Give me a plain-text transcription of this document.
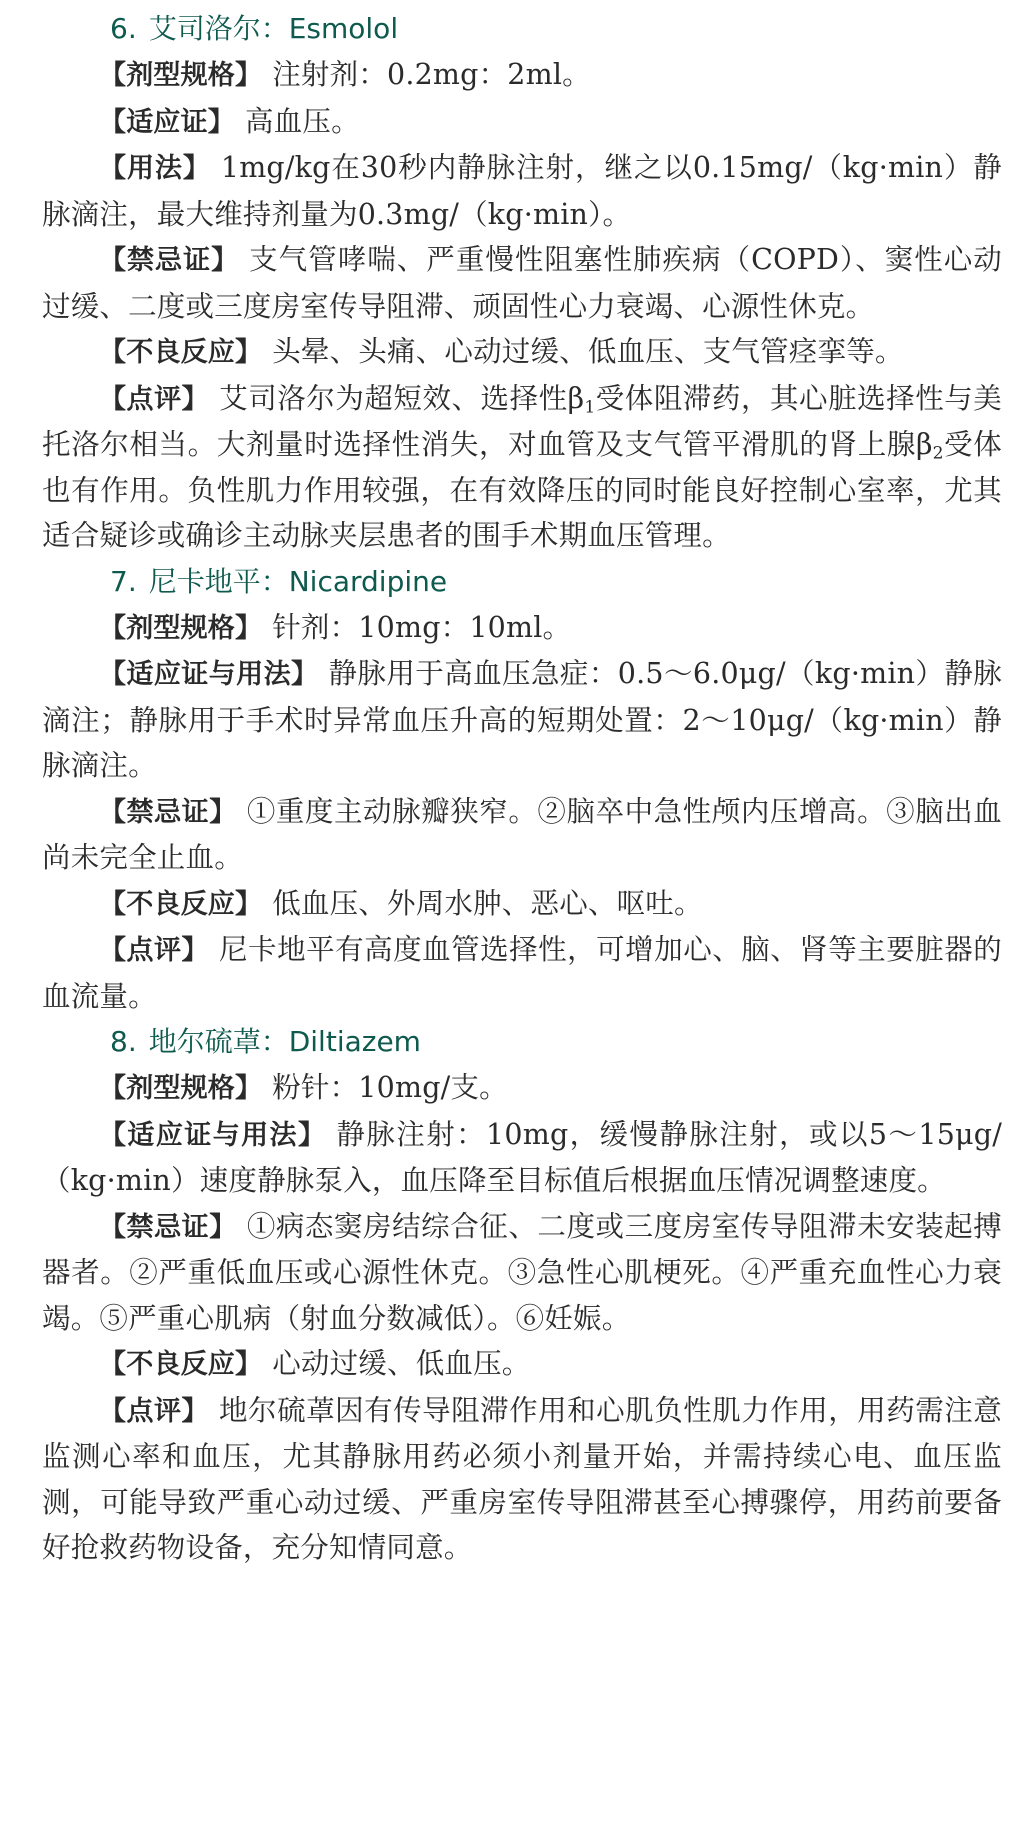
6. 艾司洛尔：Esmolol

【剂型规格】 注射剂：0.2mg：2ml。

【适应证】 高血压。

【用法】 1mg/kg在30秒内静脉注射，继之以0.15mg/（kg·min）静脉滴注，最大维持剂量为0.3mg/（kg·min）。

【禁忌证】 支气管哮喘、严重慢性阻塞性肺疾病（COPD）、窦性心动过缓、二度或三度房室传导阻滞、顽固性心力衰竭、心源性休克。

【不良反应】 头晕、头痛、心动过缓、低血压、支气管痉挛等。

【点评】 艾司洛尔为超短效、选择性$\beta_1$受体阻滞药，其心脏选择性与美托洛尔相当。大剂量时选择性消失，对血管及支气管平滑肌的肾上腺$\beta_2$受体也有作用。负性肌力作用较强，在有效降压的同时能良好控制心室率，尤其适合疑诊或确诊主动脉夹层患者的围手术期血压管理。

7. 尼卡地平：Nicardipine

【剂型规格】 针剂：10mg：10ml。

【适应证与用法】 静脉用于高血压急症：0.5～6.0μg/（kg·min）静脉滴注；静脉用于手术时异常血压升高的短期处置：2～10μg/（kg·min）静脉滴注。

【禁忌证】 ①重度主动脉瓣狭窄。②脑卒中急性颅内压增高。③脑出血尚未完全止血。

【不良反应】 低血压、外周水肿、恶心、呕吐。

【点评】 尼卡地平有高度血管选择性，可增加心、脑、肾等主要脏器的血流量。

8. 地尔硫䓬：Diltiazem

【剂型规格】 粉针：10mg/支。

【适应证与用法】 静脉注射：10mg，缓慢静脉注射，或以5～15μg/（kg·min）速度静脉泵入，血压降至目标值后根据血压情况调整速度。

【禁忌证】 ①病态窦房结综合征、二度或三度房室传导阻滞未安装起搏器者。②严重低血压或心源性休克。③急性心肌梗死。④严重充血性心力衰竭。⑤严重心肌病（射血分数减低）。⑥妊娠。

【不良反应】 心动过缓、低血压。

【点评】 地尔硫䓬因有传导阻滞作用和心肌负性肌力作用，用药需注意监测心率和血压，尤其静脉用药必须小剂量开始，并需持续心电、血压监测，可能导致严重心动过缓、严重房室传导阻滞甚至心搏骤停，用药前要备好抢救药物设备，充分知情同意。
